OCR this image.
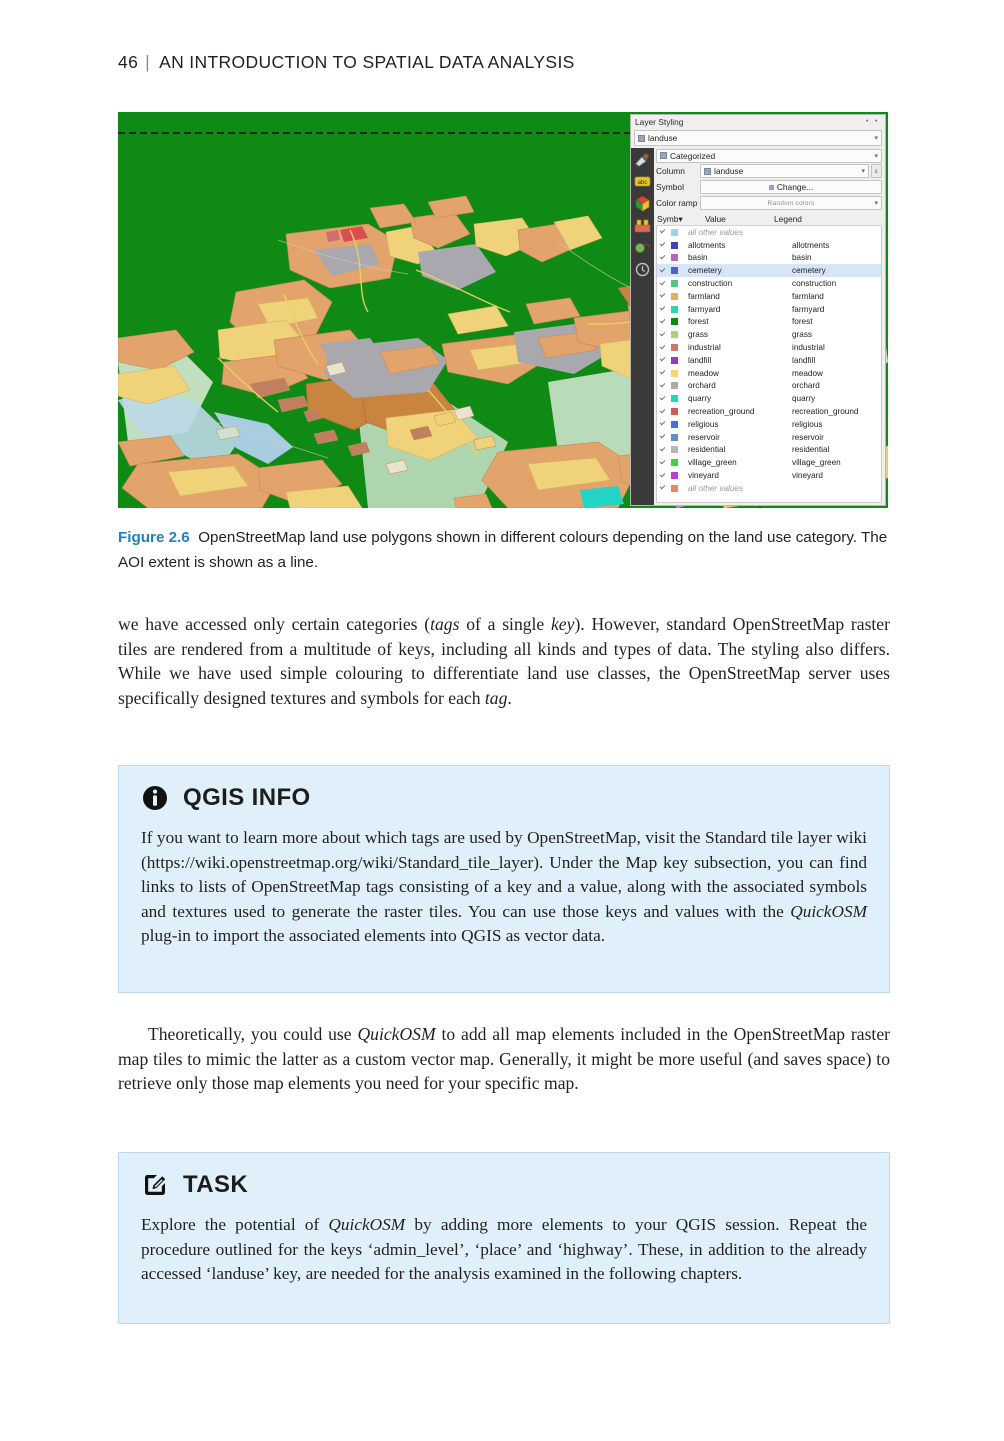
46 | AN INTRODUCTION TO SPATIAL DATA ANALYSIS
Layer Styling	• •
landuse	▾
abc
Categorized	▾
Column	landuse	▾	ε
Symbol	Change...
Color ramp	Random colors	▾
Symb▾	Value	Legend
all other values
allotments	allotments
basin	basin
cemetery	cemetery
construction	construction
farmland	farmland
farmyard	farmyard
forest	forest
grass	grass
industrial	industrial
landfill	landfill
meadow	meadow
orchard	orchard
quarry	quarry
recreation_ground	recreation_ground
religious	religious
reservoir	reservoir
residential	residential
village_green	village_green
vineyard	vineyard
all other values
Figure 2.6 OpenStreetMap land use polygons shown in different colours depending on the land use category. The AOI extent is shown as a line.
we have accessed only certain categories (tags of a single key). However, standard OpenStreetMap raster tiles are rendered from a multitude of keys, including all kinds and types of data. The styling also differs. While we have used simple colouring to differentiate land use classes, the OpenStreetMap server uses specifically designed textures and symbols for each tag.
QGIS INFO
If you want to learn more about which tags are used by OpenStreetMap, visit the Standard tile layer wiki (https://wiki.openstreetmap.org/wiki/Standard_tile_layer). Under the Map key subsection, you can find links to lists of OpenStreetMap tags consisting of a key and a value, along with the associated symbols and textures used to generate the raster tiles. You can use those keys and values with the QuickOSM plug-in to import the associated elements into QGIS as vector data.
Theoretically, you could use QuickOSM to add all map elements included in the OpenStreetMap raster map tiles to mimic the latter as a custom vector map. Generally, it might be more useful (and saves space) to retrieve only those map elements you need for your specific map.
TASK
Explore the potential of QuickOSM by adding more elements to your QGIS session. Repeat the procedure outlined for the keys ‘admin_level’, ‘place’ and ‘highway’. These, in addition to the already accessed ‘landuse’ key, are needed for the analysis examined in the following chapters.
